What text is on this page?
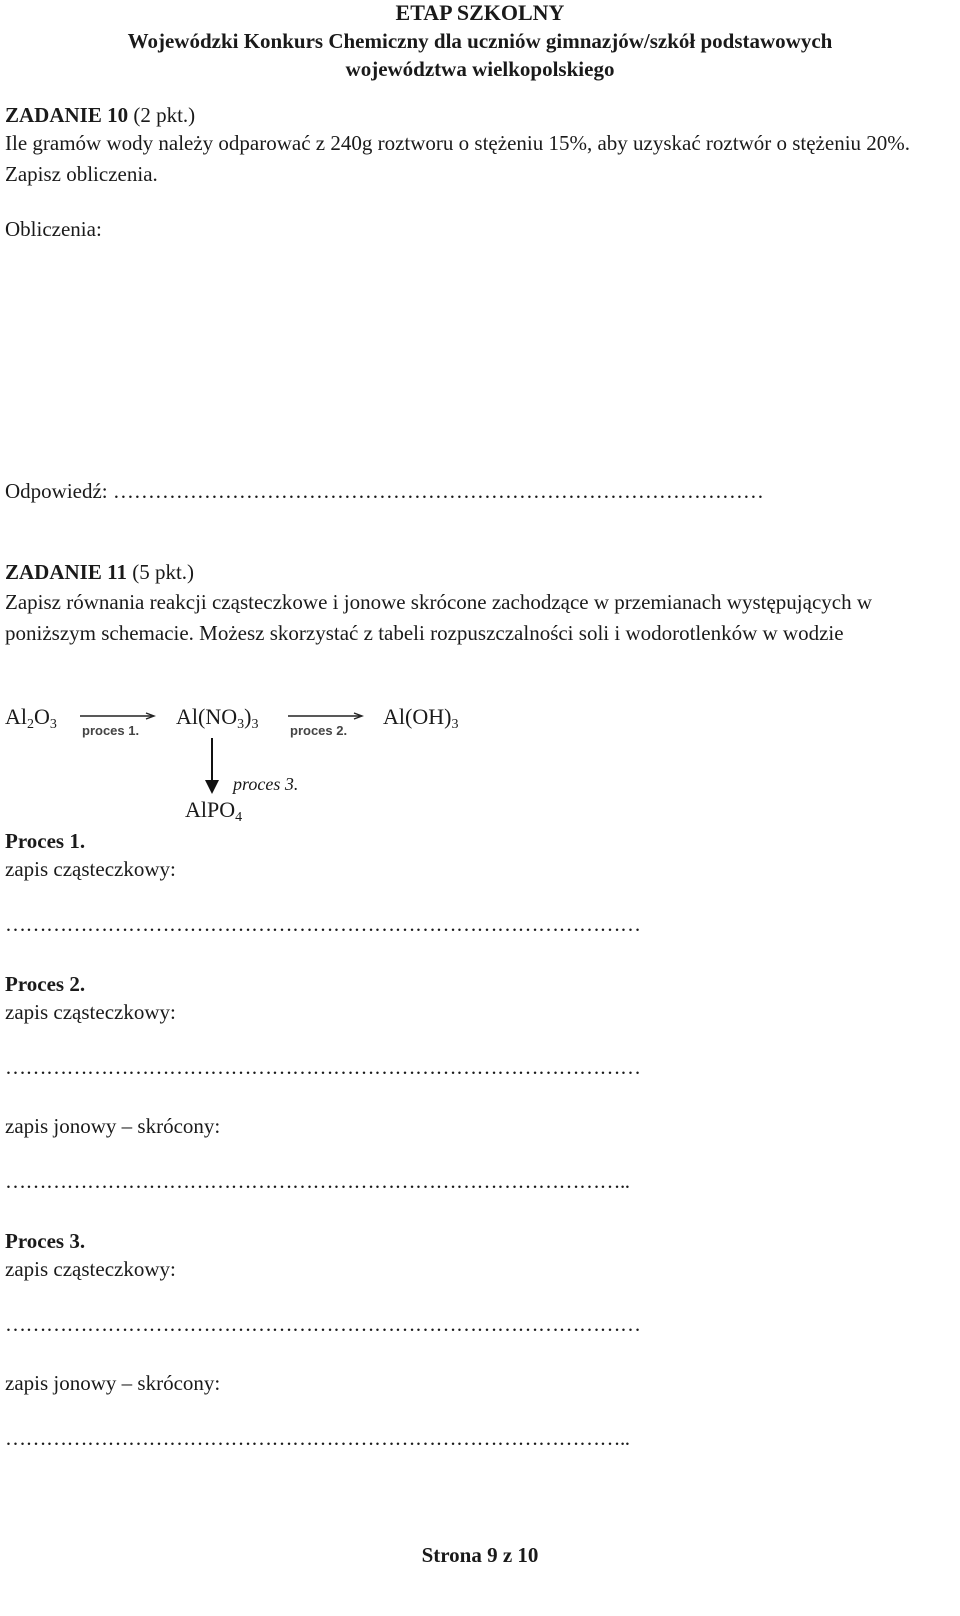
ETAP SZKOLNY
Wojewódzki Konkurs Chemiczny dla uczniów gimnazjów/szkół podstawowych
województwa wielkopolskiego
ZADANIE 10 (2 pkt.)
Ile gramów wody należy odparować z 240g roztworu o stężeniu 15%, aby uzyskać roztwór o stężeniu 20%. Zapisz obliczenia.
Obliczenia:
Odpowiedź: …………………………………………………………………………………
ZADANIE 11 (5 pkt.)
Zapisz równania reakcji cząsteczkowe i jonowe skrócone zachodzące w przemianach występujących w poniższym schemacie. Możesz skorzystać z tabeli rozpuszczalności soli i wodorotlenków w wodzie
$Al_2O_3$ proces 1.
$Al(NO_3)_3$ proces 2.
$Al(OH)_3$
proces 3.
AlPO$_4$
Proces 1.
zapis cząsteczkowy:
…………………………………………………………………………………
Proces 2.
zapis cząsteczkowy:
…………………………………………………………………………………
zapis jonowy – skrócony:
………………………………………………………………………………..
Proces 3.
zapis cząsteczkowy:
…………………………………………………………………………………
zapis jonowy – skrócony:
………………………………………………………………………………..
Strona 9 z 10
